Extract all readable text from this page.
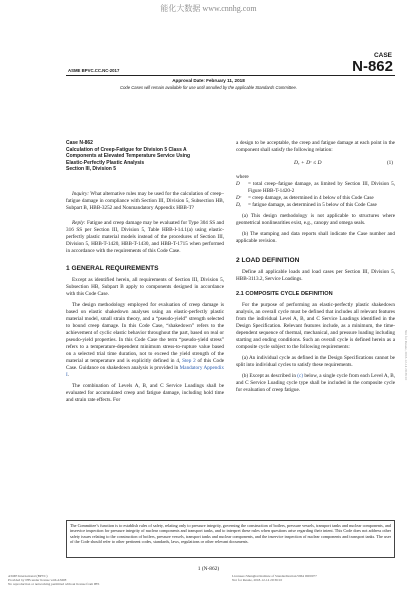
能化大数据 www.cnnhg.com
CASE
N-862
ASME BPVC.CC.NC-2017
Approval Date: February 11, 2018
Code Cases will remain available for use until annulled by the applicable Standards Committee.
Case N-862
Calculation of Creep-Fatigue for Division 5 Class A
Components at Elevated Temperature Service Using
Elastic-Perfectly Plastic Analysis
Section III, Division 5

Inquiry: What alternative rules may be used for the calculation of creep–fatigue damage in compliance with Section III, Division 5, Subsection HB, Subpart B, HBB-3252 and Nonmandatory Appendix HBB-T?

Reply: Fatigue and creep damage may be evaluated for Type 304 SS and 316 SS per Section III, Division 5, Table HBB-I-14.1(a) using elastic-perfectly plastic material models instead of the procedures of Section III, Division 5, HBB-T-1420, HBB-T-1430, and HBB-T-1715 when performed in accordance with the requirements of this Code Case.

1 GENERAL REQUIREMENTS

Except as identified herein, all requirements of Section III, Division 5, Subsection HB, Subpart B apply to components designed in accordance with this Code Case.

The design methodology employed for evaluation of creep damage is based on elastic shakedown analyses using an elastic-perfectly plastic material model, small strain theory, and a “pseudo-yield” strength selected to bound creep damage. In this Code Case, “shakedown” refers to the achievement of cyclic elastic behavior throughout the part, based on real or pseudo-yield properties. In this Code Case the term “pseudo-yield stress” refers to a temperature-dependent minimum stress-to-rupture value based on a selected trial time duration, not to exceed the yield strength of the material at temperature and is explicitly defined in 4, Step 2 of this Code Case. Guidance on shakedown analysis is provided in Mandatory Appendix I.

The combination of Levels A, B, and C Service Loadings shall be evaluated for accumulated creep and fatigue damage, including hold time and strain rate effects. For

a design to be acceptable, the creep and fatigue damage at each point in the component shall satisfy the following relation:

Dₑ + Dᶜ ≤ D	(1)
where
D	= total creep–fatigue damage, as limited by Section III, Division 5, Figure HBB-T-1420-2
Dᶜ	= creep damage, as determined in 4 below of this Code Case
Dₑ	= fatigue damage, as determined in 5 below of this Code Case

(a) This design methodology is not applicable to structures where geometrical nonlinearities exist, e.g., canopy and omega seals.

(b) The stamping and data reports shall indicate the Case number and applicable revision.

2 LOAD DEFINITION

Define all applicable loads and load cases per Section III, Division 5, HBB-3113.2, Service Loadings.

2.1 COMPOSITE CYCLE DEFINITION

For the purpose of performing an elastic-perfectly plastic shakedown analysis, an overall cycle must be defined that includes all relevant features from the individual Level A, B, and C Service Loadings identified in the Design Specification. Relevant features include, as a minimum, the time-dependent sequence of thermal, mechanical, and pressure loading including starting and ending conditions. Such an overall cycle is defined herein as a composite cycle subject to the following requirements:

(a) An individual cycle as defined in the Design Specifications cannot be split into individual cycles to satisfy these requirements.

(b) Except as described in (c) below, a single cycle from each Level A, B, and C Service Loading cycle type shall be included in the composite cycle for evaluation of creep fatigue.

The Committee’s function is to establish rules of safety, relating only to pressure integrity, governing the construction of boilers, pressure vessels, transport tanks and nuclear components, and inservice inspection for pressure integrity of nuclear components and transport tanks, and to interpret these rules when questions arise regarding their intent. This Code does not address other safety issues relating to the construction of boilers, pressure vessels, transport tanks and nuclear components, and the inservice inspection of nuclear components and transport tanks. The user of the Code should refer to other pertinent codes, standards, laws, regulations or other relevant documents.
1 (N-862)
ASME International (BPVC)
Provided by IHS under license with ASME
No reproduction or networking permitted without license from IHS
Licensee=Shanghai Institute of Standardization/5964 0000077
Not for Resale, 2018-12-14 20:36:10
Not for Resale, 2018-12-14 20:36:10
